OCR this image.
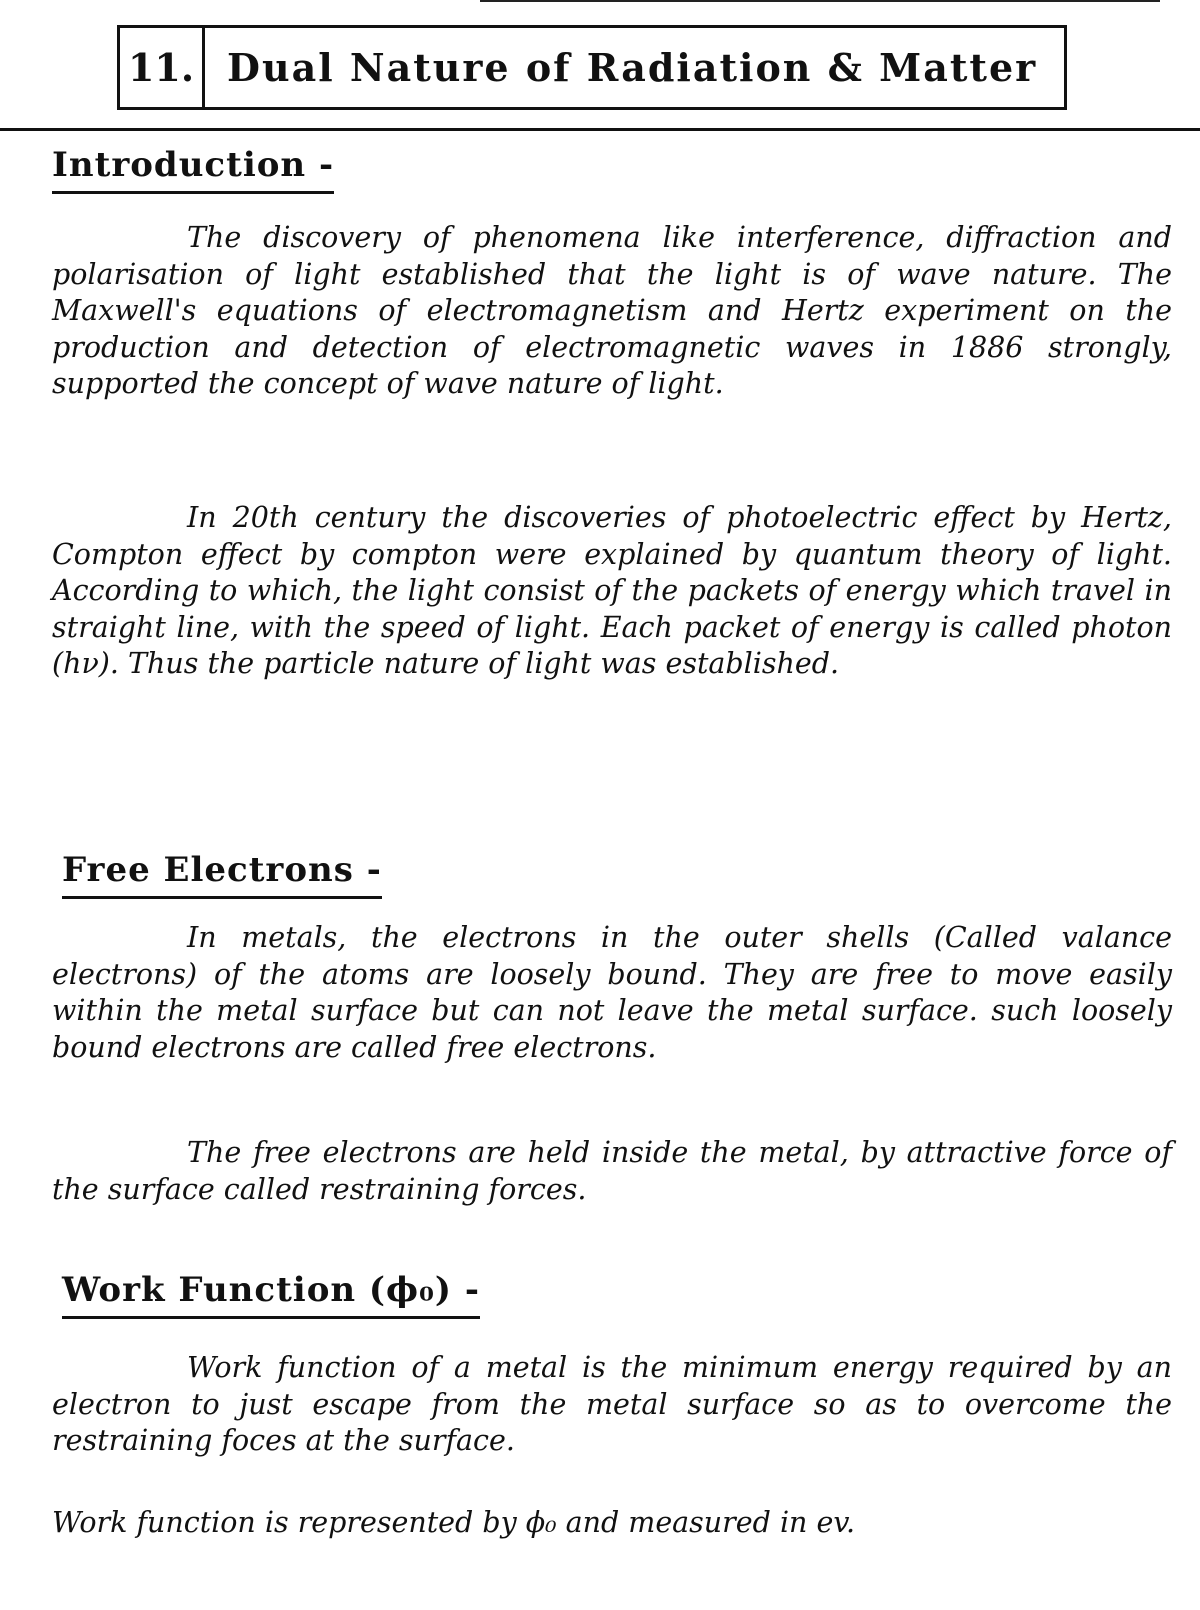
11. Dual Nature of Radiation & Matter
Introduction -

The discovery of phenomena like interference, diffraction and polarisation of light established that the light is of wave nature. The Maxwell's equations of electromagnetism and Hertz experiment on the production and detection of electromagnetic waves in 1886 strongly, supported the concept of wave nature of light.

In 20th century the discoveries of photoelectric effect by Hertz, Compton effect by compton were explained by quantum theory of light. According to which, the light consist of the packets of energy which travel in straight line, with the speed of light. Each packet of energy is called photon (hν). Thus the particle nature of light was established.

Free Electrons -

In metals, the electrons in the outer shells (Called valance electrons) of the atoms are loosely bound. They are free to move easily within the metal surface but can not leave the metal surface. such loosely bound electrons are called free electrons.

The free electrons are held inside the metal, by attractive force of the surface called restraining forces.

Work Function (ϕ₀) -

Work function of a metal is the minimum energy required by an electron to just escape from the metal surface so as to overcome the restraining foces at the surface.

Work function is represented by ϕ₀ and measured in ev.
